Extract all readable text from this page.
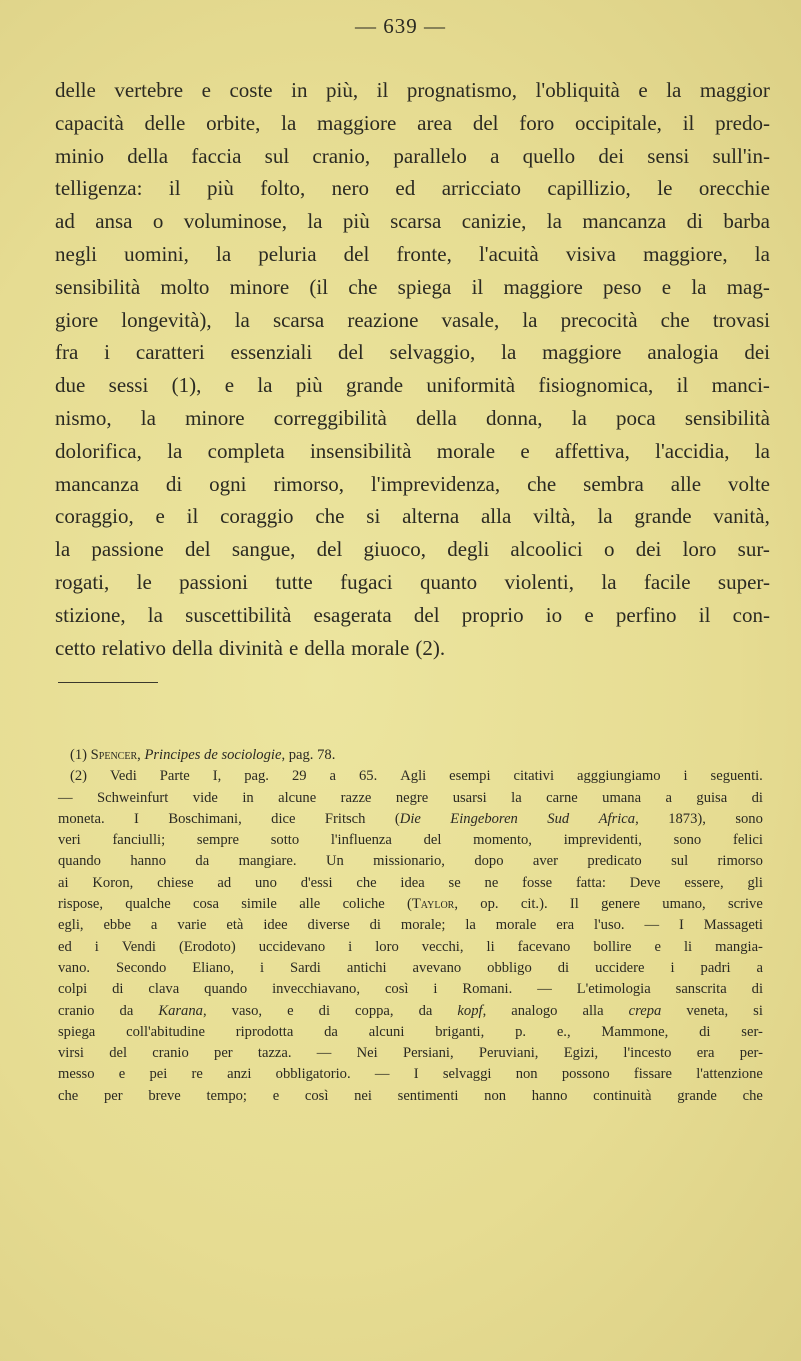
— 639 —
delle vertebre e coste in più, il prognatismo, l'obliquità e la maggior
capacità delle orbite, la maggiore area del foro occipitale, il predo-
minio della faccia sul cranio, parallelo a quello dei sensi sull'in-
telligenza: il più folto, nero ed arricciato capillizio, le orecchie
ad ansa o voluminose, la più scarsa canizie, la mancanza di barba
negli uomini, la peluria del fronte, l'acuità visiva maggiore, la
sensibilità molto minore (il che spiega il maggiore peso e la mag-
giore longevità), la scarsa reazione vasale, la precocità che trovasi
fra i caratteri essenziali del selvaggio, la maggiore analogia dei
due sessi (1), e la più grande uniformità fisiognomica, il manci-
nismo, la minore correggibilità della donna, la poca sensibilità
dolorifica, la completa insensibilità morale e affettiva, l'accidia, la
mancanza di ogni rimorso, l'imprevidenza, che sembra alle volte
coraggio, e il coraggio che si alterna alla viltà, la grande vanità,
la passione del sangue, del giuoco, degli alcoolici o dei loro sur-
rogati, le passioni tutte fugaci quanto violenti, la facile super-
stizione, la suscettibilità esagerata del proprio io e perfino il con-
cetto relativo della divinità e della morale (2).
(1) Spencer , Principes de sociologie , pag. 78.
(2) Vedi Parte I, pag. 29 a 65. Agli esempi citativi agggiungiamo i seguenti.
— Schweinfurt vide in alcune razze negre usarsi la carne umana a guisa di
moneta. I Boschimani, dice Fritsch (Die Eingeboren Sud Africa, 1873), sono
veri fanciulli; sempre sotto l'influenza del momento, imprevidenti, sono felici
quando hanno da mangiare. Un missionario, dopo aver predicato sul rimorso
ai Koron, chiese ad uno d'essi che idea se ne fosse fatta: Deve essere, gli
rispose, qualche cosa simile alle coliche (Taylor, op. cit.). Il genere umano, scrive
egli, ebbe a varie età idee diverse di morale; la morale era l'uso. — I Massageti
ed i Vendi (Erodoto) uccidevano i loro vecchi, li facevano bollire e li mangia-
vano. Secondo Eliano, i Sardi antichi avevano obbligo di uccidere i padri a
colpi di clava quando invecchiavano, così i Romani. — L'etimologia sanscrita di
cranio da Karana, vaso, e di coppa, da kopf, analogo alla crepa veneta, si
spiega coll'abitudine riprodotta da alcuni briganti, p. e., Mammone, di ser-
virsi del cranio per tazza. — Nei Persiani, Peruviani, Egizi, l'incesto era per-
messo e pei re anzi obbligatorio. — I selvaggi non possono fissare l'attenzione
che per breve tempo; e così nei sentimenti non hanno continuità grande che
